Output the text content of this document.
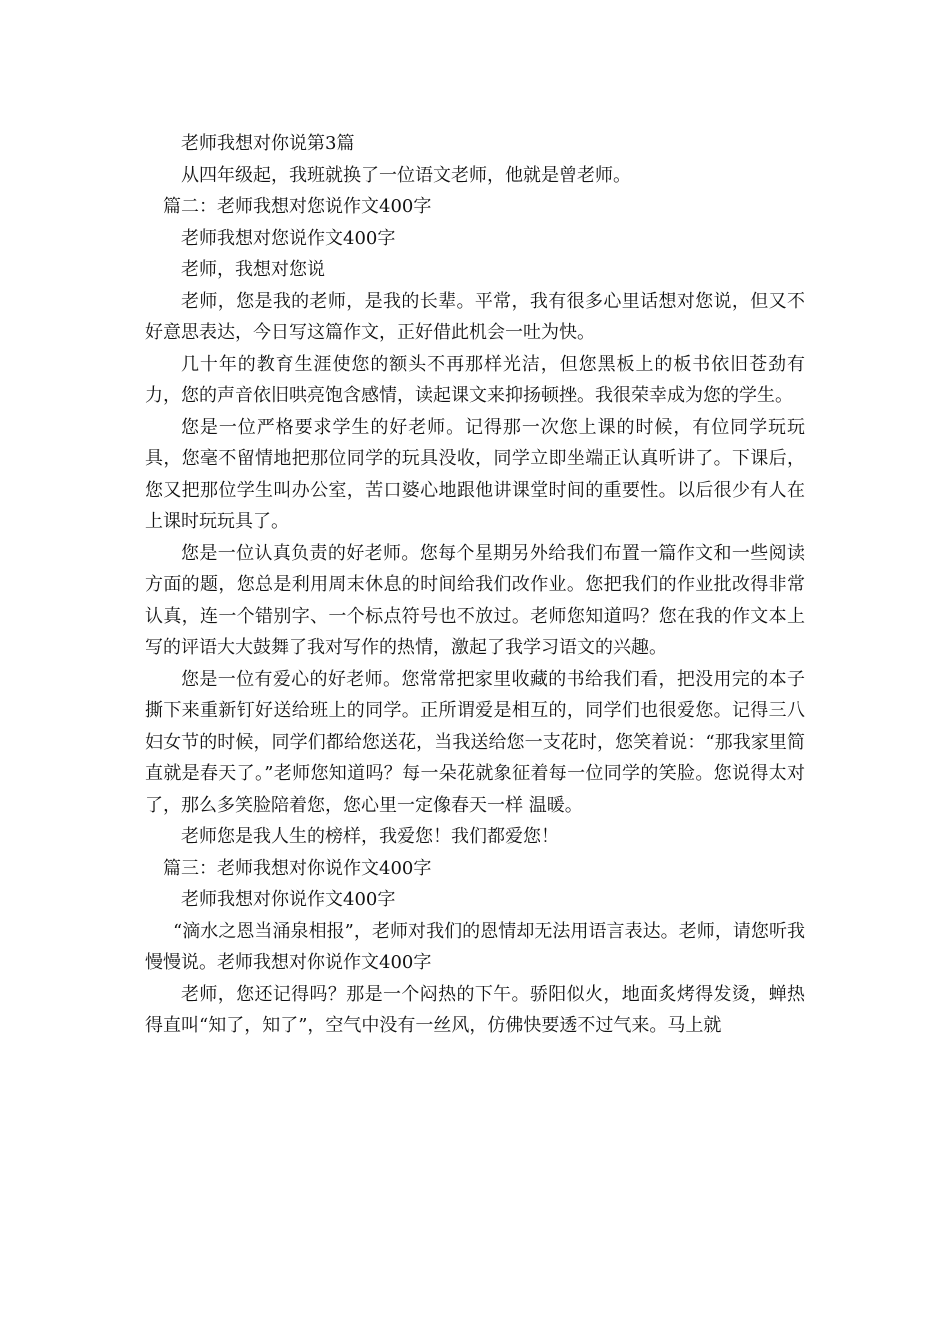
老师我想对你说第3篇

从四年级起，我班就换了一位语文老师，他就是曾老师。

篇二：老师我想对您说作文400字

老师我想对您说作文400字

老师，我想对您说

老师，您是我的老师，是我的长辈。平常，我有很多心里话想对您说，但又不好意思表达，今日写这篇作文，正好借此机会一吐为快。

几十年的教育生涯使您的额头不再那样光洁，但您黑板上的板书依旧苍劲有力，您的声音依旧哄亮饱含感情，读起课文来抑扬顿挫。我很荣幸成为您的学生。

您是一位严格要求学生的好老师。记得那一次您上课的时候，有位同学玩玩具，您毫不留情地把那位同学的玩具没收，同学立即坐端正认真听讲了。下课后，您又把那位学生叫办公室，苦口婆心地跟他讲课堂时间的重要性。以后很少有人在上课时玩玩具了。

您是一位认真负责的好老师。您每个星期另外给我们布置一篇作文和一些阅读方面的题，您总是利用周末休息的时间给我们改作业。您把我们的作业批改得非常认真，连一个错别字、一个标点符号也不放过。老师您知道吗？您在我的作文本上写的评语大大鼓舞了我对写作的热情，激起了我学习语文的兴趣。

您是一位有爱心的好老师。您常常把家里收藏的书给我们看，把没用完的本子撕下来重新钉好送给班上的同学。正所谓爱是相互的，同学们也很爱您。记得三八妇女节的时候，同学们都给您送花，当我送给您一支花时，您笑着说：“那我家里简直就是春天了。”老师您知道吗？每一朵花就象征着每一位同学的笑脸。您说得太对了，那么多笑脸陪着您，您心里一定像春天一样 温暖。

老师您是我人生的榜样，我爱您！我们都爱您！

篇三：老师我想对你说作文400字

老师我想对你说作文400字

“滴水之恩当涌泉相报”，老师对我们的恩情却无法用语言表达。老师，请您听我慢慢说。老师我想对你说作文400字

老师，您还记得吗？那是一个闷热的下午。骄阳似火，地面炙烤得发烫，蝉热得直叫“知了，知了”，空气中没有一丝风，仿佛快要透不过气来。马上就
